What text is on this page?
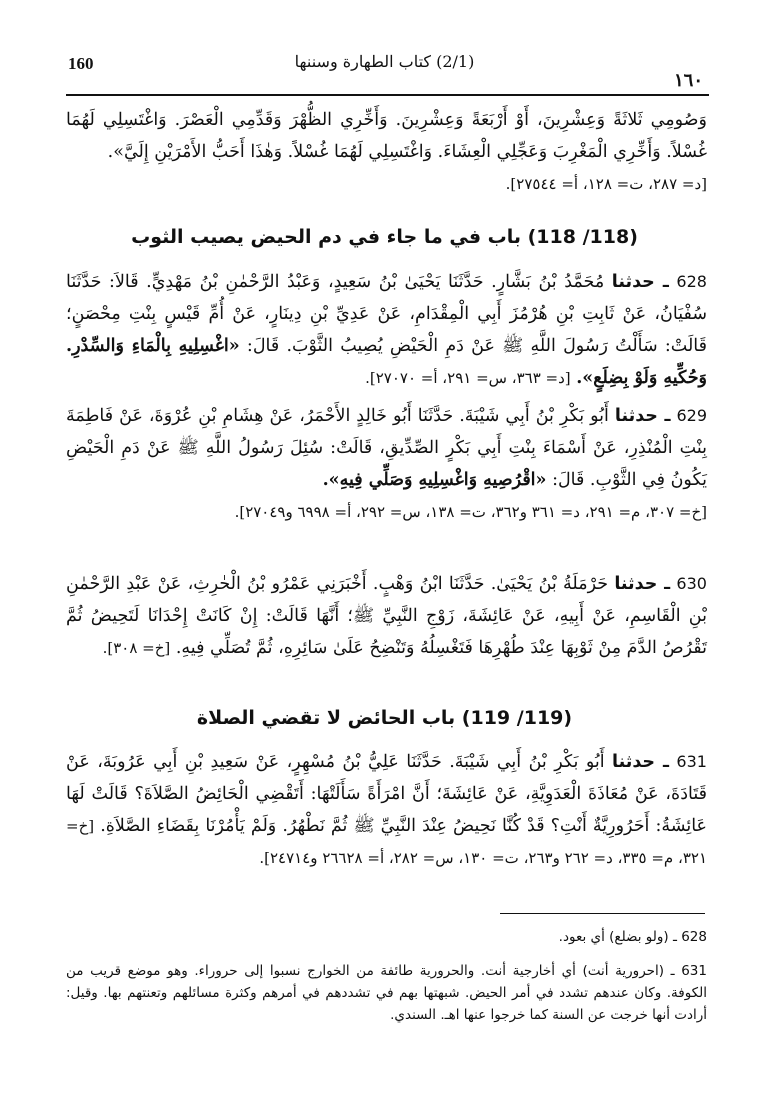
160	(2/1) كتاب الطهارة وسننها
١٦٠
وَصُومِي ثَلاثَةً وَعِشْرِينَ، أَوْ أَرْبَعَةً وَعِشْرِينَ. وَأَخِّرِي الظُّهْرَ وَقَدِّمِي الْعَصْرَ. وَاغْتَسِلِي لَهُمَا غُسْلاً. وَأَخِّرِي الْمَغْرِبَ وَعَجِّلِي الْعِشَاءَ. وَاغْتَسِلِي لَهُمَا غُسْلاً. وَهٰذَا أَحَبُّ الأَمْرَيْنِ إِلَيَّ».
[د= ٢٨٧، ت= ١٢٨، أ= ٢٧٥٤٤].
(118/ 118) باب في ما جاء في دم الحيض يصيب الثوب
628 ـ حدثنا مُحَمَّدُ بْنُ بَشَّارٍ. حَدَّثَنَا يَحْيَىٰ بْنُ سَعِيدٍ، وَعَبْدُ الرَّحْمٰنِ بْنُ مَهْدِيٍّ. قَالاَ: حَدَّثَنَا سُفْيَانُ، عَنْ ثَابِتِ بْنِ هُرْمُزَ أَبِي الْمِقْدَامِ، عَنْ عَدِيِّ بْنِ دِينَارٍ، عَنْ أُمِّ قَيْسٍ بِنْتِ مِحْصَنٍ؛ قَالَتْ: سَأَلْتُ رَسُولَ اللَّهِ ﷺ عَنْ دَمِ الْحَيْضِ يُصِيبُ الثَّوْبَ. قَالَ: «اغْسِلِيهِ بِالْمَاءِ وَالسِّدْرِ. وَحُكِّيهِ وَلَوْ بِضِلَعٍ». [د= ٣٦٣، س= ٢٩١، أ= ٢٧٠٧٠].
629 ـ حدثنا أَبُو بَكْرِ بْنُ أَبِي شَيْبَةَ. حَدَّثَنَا أَبُو خَالِدٍ الأَحْمَرُ، عَنْ هِشَامِ بْنِ عُرْوَةَ، عَنْ فَاطِمَةَ بِنْتِ الْمُنْذِرِ، عَنْ أَسْمَاءَ بِنْتِ أَبِي بَكْرٍ الصِّدِّيقِ، قَالَتْ: سُئِلَ رَسُولُ اللَّهِ ﷺ عَنْ دَمِ الْحَيْضِ يَكُونُ فِي الثَّوْبِ. قَالَ: «اقْرُصِيهِ وَاغْسِلِيهِ وَصَلِّي فِيهِ».
[خ= ٣٠٧، م= ٢٩١، د= ٣٦١ و٣٦٢، ت= ١٣٨، س= ٢٩٢، أ= ٦٩٩٨ و٢٧٠٤٩].
630 ـ حدثنا حَرْمَلَةُ بْنُ يَحْيَىٰ. حَدَّثَنَا ابْنُ وَهْبٍ. أَخْبَرَنِي عَمْرُو بْنُ الْحٰرِثِ، عَنْ عَبْدِ الرَّحْمٰنِ بْنِ الْقَاسِمِ، عَنْ أَبِيهِ، عَنْ عَائِشَةَ، زَوْجِ النَّبِيِّ ﷺ؛ أَنَّهَا قَالَتْ: إِنْ كَانَتْ إِحْدَانَا لَتَحِيضُ ثُمَّ تَقْرُصُ الدَّمَ مِنْ ثَوْبِهَا عِنْدَ طُهْرِهَا فَتَغْسِلُهُ وَتَنْضِحُ عَلَىٰ سَائِرِهِ، ثُمَّ تُصَلِّي فِيهِ. [خ= ٣٠٨].
(119/ 119) باب الحائض لا تقضي الصلاة
631 ـ حدثنا أَبُو بَكْرِ بْنُ أَبِي شَيْبَةَ. حَدَّثَنَا عَلِيُّ بْنُ مُسْهِرٍ، عَنْ سَعِيدِ بْنِ أَبِي عَرُوبَةَ، عَنْ قَتَادَةَ، عَنْ مُعَاذَةَ الْعَدَوِيَّةِ، عَنْ عَائِشَةَ؛ أَنَّ امْرَأَةً سَأَلَتْهَا: أَتَقْضِي الْحَائِضُ الصَّلاَةَ؟ قَالَتْ لَهَا عَائِشَةُ: أَحَرُورِيَّةٌ أَنْتِ؟ قَدْ كُنَّا نَحِيضُ عِنْدَ النَّبِيِّ ﷺ ثُمَّ نَطْهُرُ. وَلَمْ يَأْمُرْنَا بِقَضَاءِ الصَّلاَةِ. [خ= ٣٢١، م= ٣٣٥، د= ٢٦٢ و٢٦٣، ت= ١٣٠، س= ٢٨٢، أ= ٢٦٦٢٨ و٢٤٧١٤].
628 ـ (ولو بضلع) أي بعود.
631 ـ (احرورية أنت) أي أخارجية أنت. والحرورية طائفة من الخوارج نسبوا إلى حروراء. وهو موضع قريب من الكوفة. وكان عندهم تشدد في أمر الحيض. شبهتها بهم في تشددهم في أمرهم وكثرة مسائلهم وتعنتهم بها. وقيل: أرادت أنها خرجت عن السنة كما خرجوا عنها اهـ. السندي.
